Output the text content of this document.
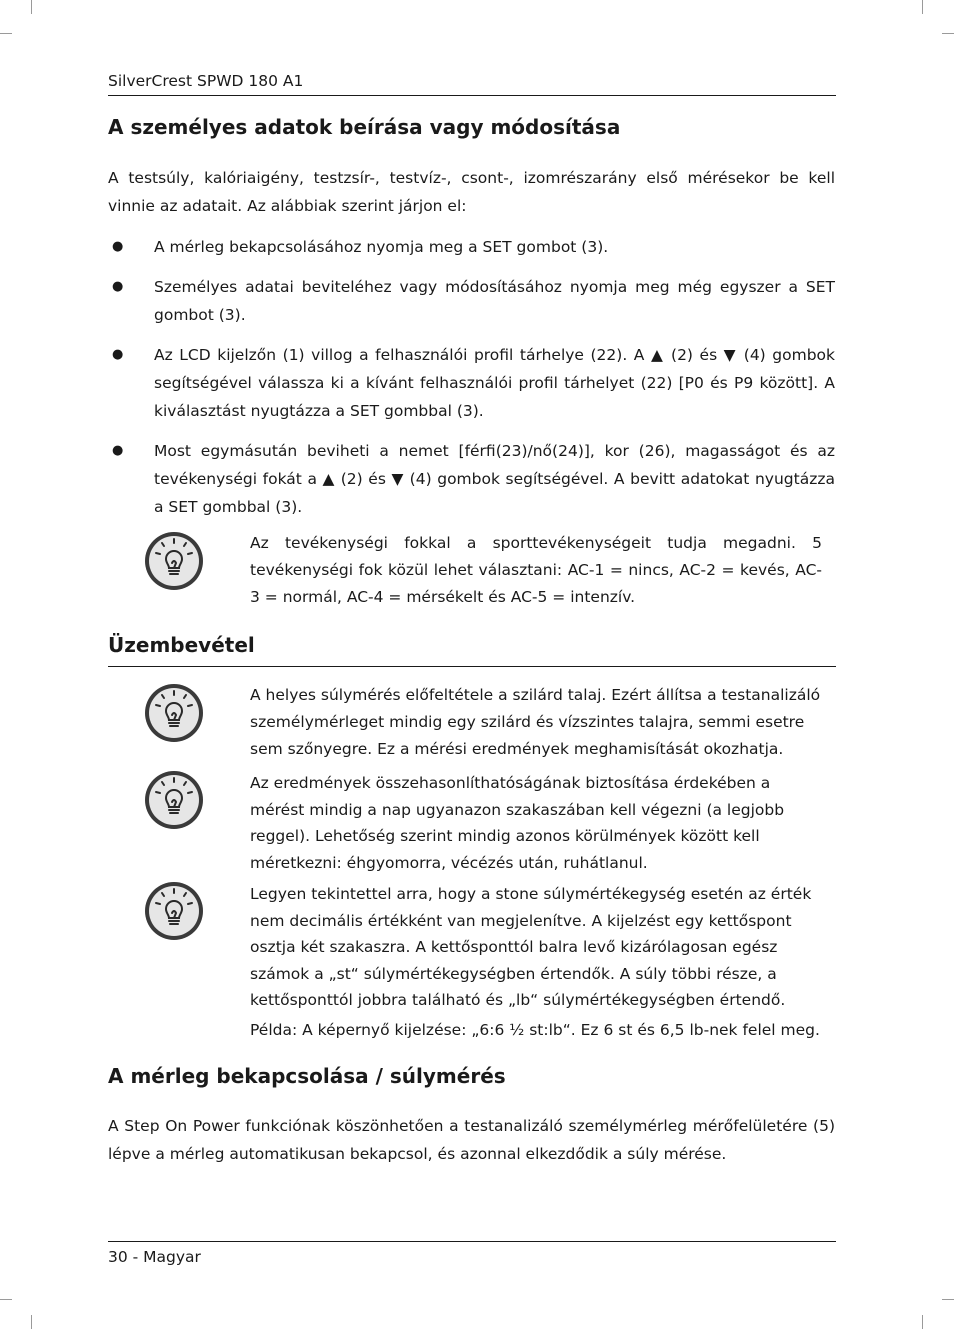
SilverCrest SPWD 180 A1
A személyes adatok beírása vagy módosítása
A testsúly, kalóriaigény, testzsír-, testvíz-, csont-, izomrészarány első mérésekor be kell vinnie az adatait. Az alábbiak szerint járjon el:
● A mérleg bekapcsolásához nyomja meg a SET gombot (3).
● Személyes adatai beviteléhez vagy módosításához nyomja meg még egyszer a SET gombot (3).
● Az LCD kijelzőn (1) villog a felhasználói profil tárhelye (22). A ▲ (2) és ▼ (4) gombok segítségével válassza ki a kívánt felhasználói profil tárhelyet (22) [P0 és P9 között]. A kiválasztást nyugtázza a SET gombbal (3).
● Most egymásután beviheti a nemet [férfi(23)/nő(24)], kor (26), magasságot és az tevékenységi fokát a ▲ (2) és ▼ (4) gombok segítségével. A bevitt adatokat nyugtázza a SET gombbal (3).
Az tevékenységi fokkal a sporttevékenységeit tudja megadni. 5 tevékenységi fok közül lehet választani: AC-1 = nincs, AC-2 = kevés, AC-3 = normál, AC-4 = mérsékelt és AC-5 = intenzív.
Üzembevétel
A helyes súlymérés előfeltétele a szilárd talaj. Ezért állítsa a testanalizáló személymérleget mindig egy szilárd és vízszintes talajra, semmi esetre sem szőnyegre. Ez a mérési eredmények meghamisítását okozhatja.
Az eredmények összehasonlíthatóságának biztosítása érdekében a mérést mindig a nap ugyanazon szakaszában kell végezni (a legjobb reggel). Lehetőség szerint mindig azonos körülmények között kell méretkezni: éhgyomorra, vécézés után, ruhátlanul.
Legyen tekintettel arra, hogy a stone súlymértékegység esetén az érték nem decimális értékként van megjelenítve. A kijelzést egy kettőspont osztja két szakaszra. A kettősponttól balra levő kizárólagosan egész számok a „st“ súlymértékegységben értendők. A súly többi része, a kettősponttól jobbra található és „lb“ súlymértékegységben értendő.
Példa: A képernyő kijelzése: „6:6 ½ st:lb“. Ez 6 st és 6,5 lb-nek felel meg.
A mérleg bekapcsolása / súlymérés
A Step On Power funkciónak köszönhetően a testanalizáló személymérleg mérőfelületére (5) lépve a mérleg automatikusan bekapcsol, és azonnal elkezdődik a súly mérése.
30 - Magyar
